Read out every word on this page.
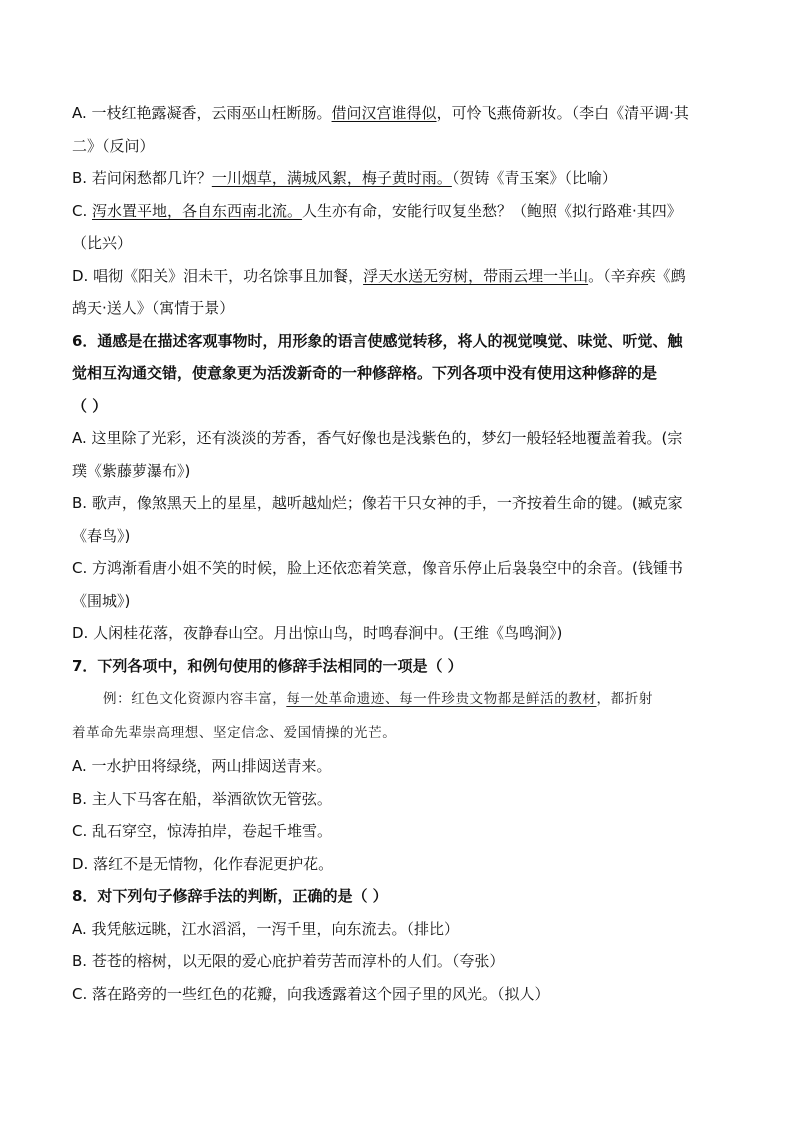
A. 一枝红艳露凝香，云雨巫山枉断肠。借问汉宫谁得似，可怜飞燕倚新妆。（李白《清平调·其
二》（反问）
B. 若问闲愁都几许？一川烟草，满城风絮，梅子黄时雨。（贺铸《青玉案》（比喻）
C. 泻水置平地，各自东西南北流。人生亦有命，安能行叹复坐愁？（鲍照《拟行路难·其四》
（比兴）
D. 唱彻《阳关》泪未干，功名馀事且加餐，浮天水送无穷树，带雨云埋一半山。（辛弃疾《鹧
鸪天·送人》（寓情于景）
6．通感是在描述客观事物时，用形象的语言使感觉转移，将人的视觉嗅觉、味觉、听觉、触
觉相互沟通交错，使意象更为活泼新奇的一种修辞格。下列各项中没有使用这种修辞的是
（ ）
A. 这里除了光彩，还有淡淡的芳香，香气好像也是浅紫色的，梦幻一般轻轻地覆盖着我。(宗
璞《紫藤萝瀑布》)
B. 歌声，像煞黑天上的星星，越听越灿烂；像若干只女神的手，一齐按着生命的键。(臧克家
《春鸟》)
C. 方鸿渐看唐小姐不笑的时候，脸上还依恋着笑意，像音乐停止后袅袅空中的余音。(钱锺书
《围城》)
D. 人闲桂花落，夜静春山空。月出惊山鸟，时鸣春涧中。(王维《鸟鸣涧》)
7．下列各项中，和例句使用的修辞手法相同的一项是（ ）
例：红色文化资源内容丰富，每一处革命遗迹、每一件珍贵文物都是鲜活的教材，都折射
着革命先辈崇高理想、坚定信念、爱国情操的光芒。
A. 一水护田将绿绕，两山排闼送青来。
B. 主人下马客在船，举酒欲饮无管弦。
C. 乱石穿空，惊涛拍岸，卷起千堆雪。
D. 落红不是无情物，化作春泥更护花。
8．对下列句子修辞手法的判断，正确的是（ ）
A. 我凭舷远眺，江水滔滔，一泻千里，向东流去。（排比）
B. 苍苍的榕树，以无限的爱心庇护着劳苦而淳朴的人们。（夸张）
C. 落在路旁的一些红色的花瓣，向我透露着这个园子里的风光。（拟人）
